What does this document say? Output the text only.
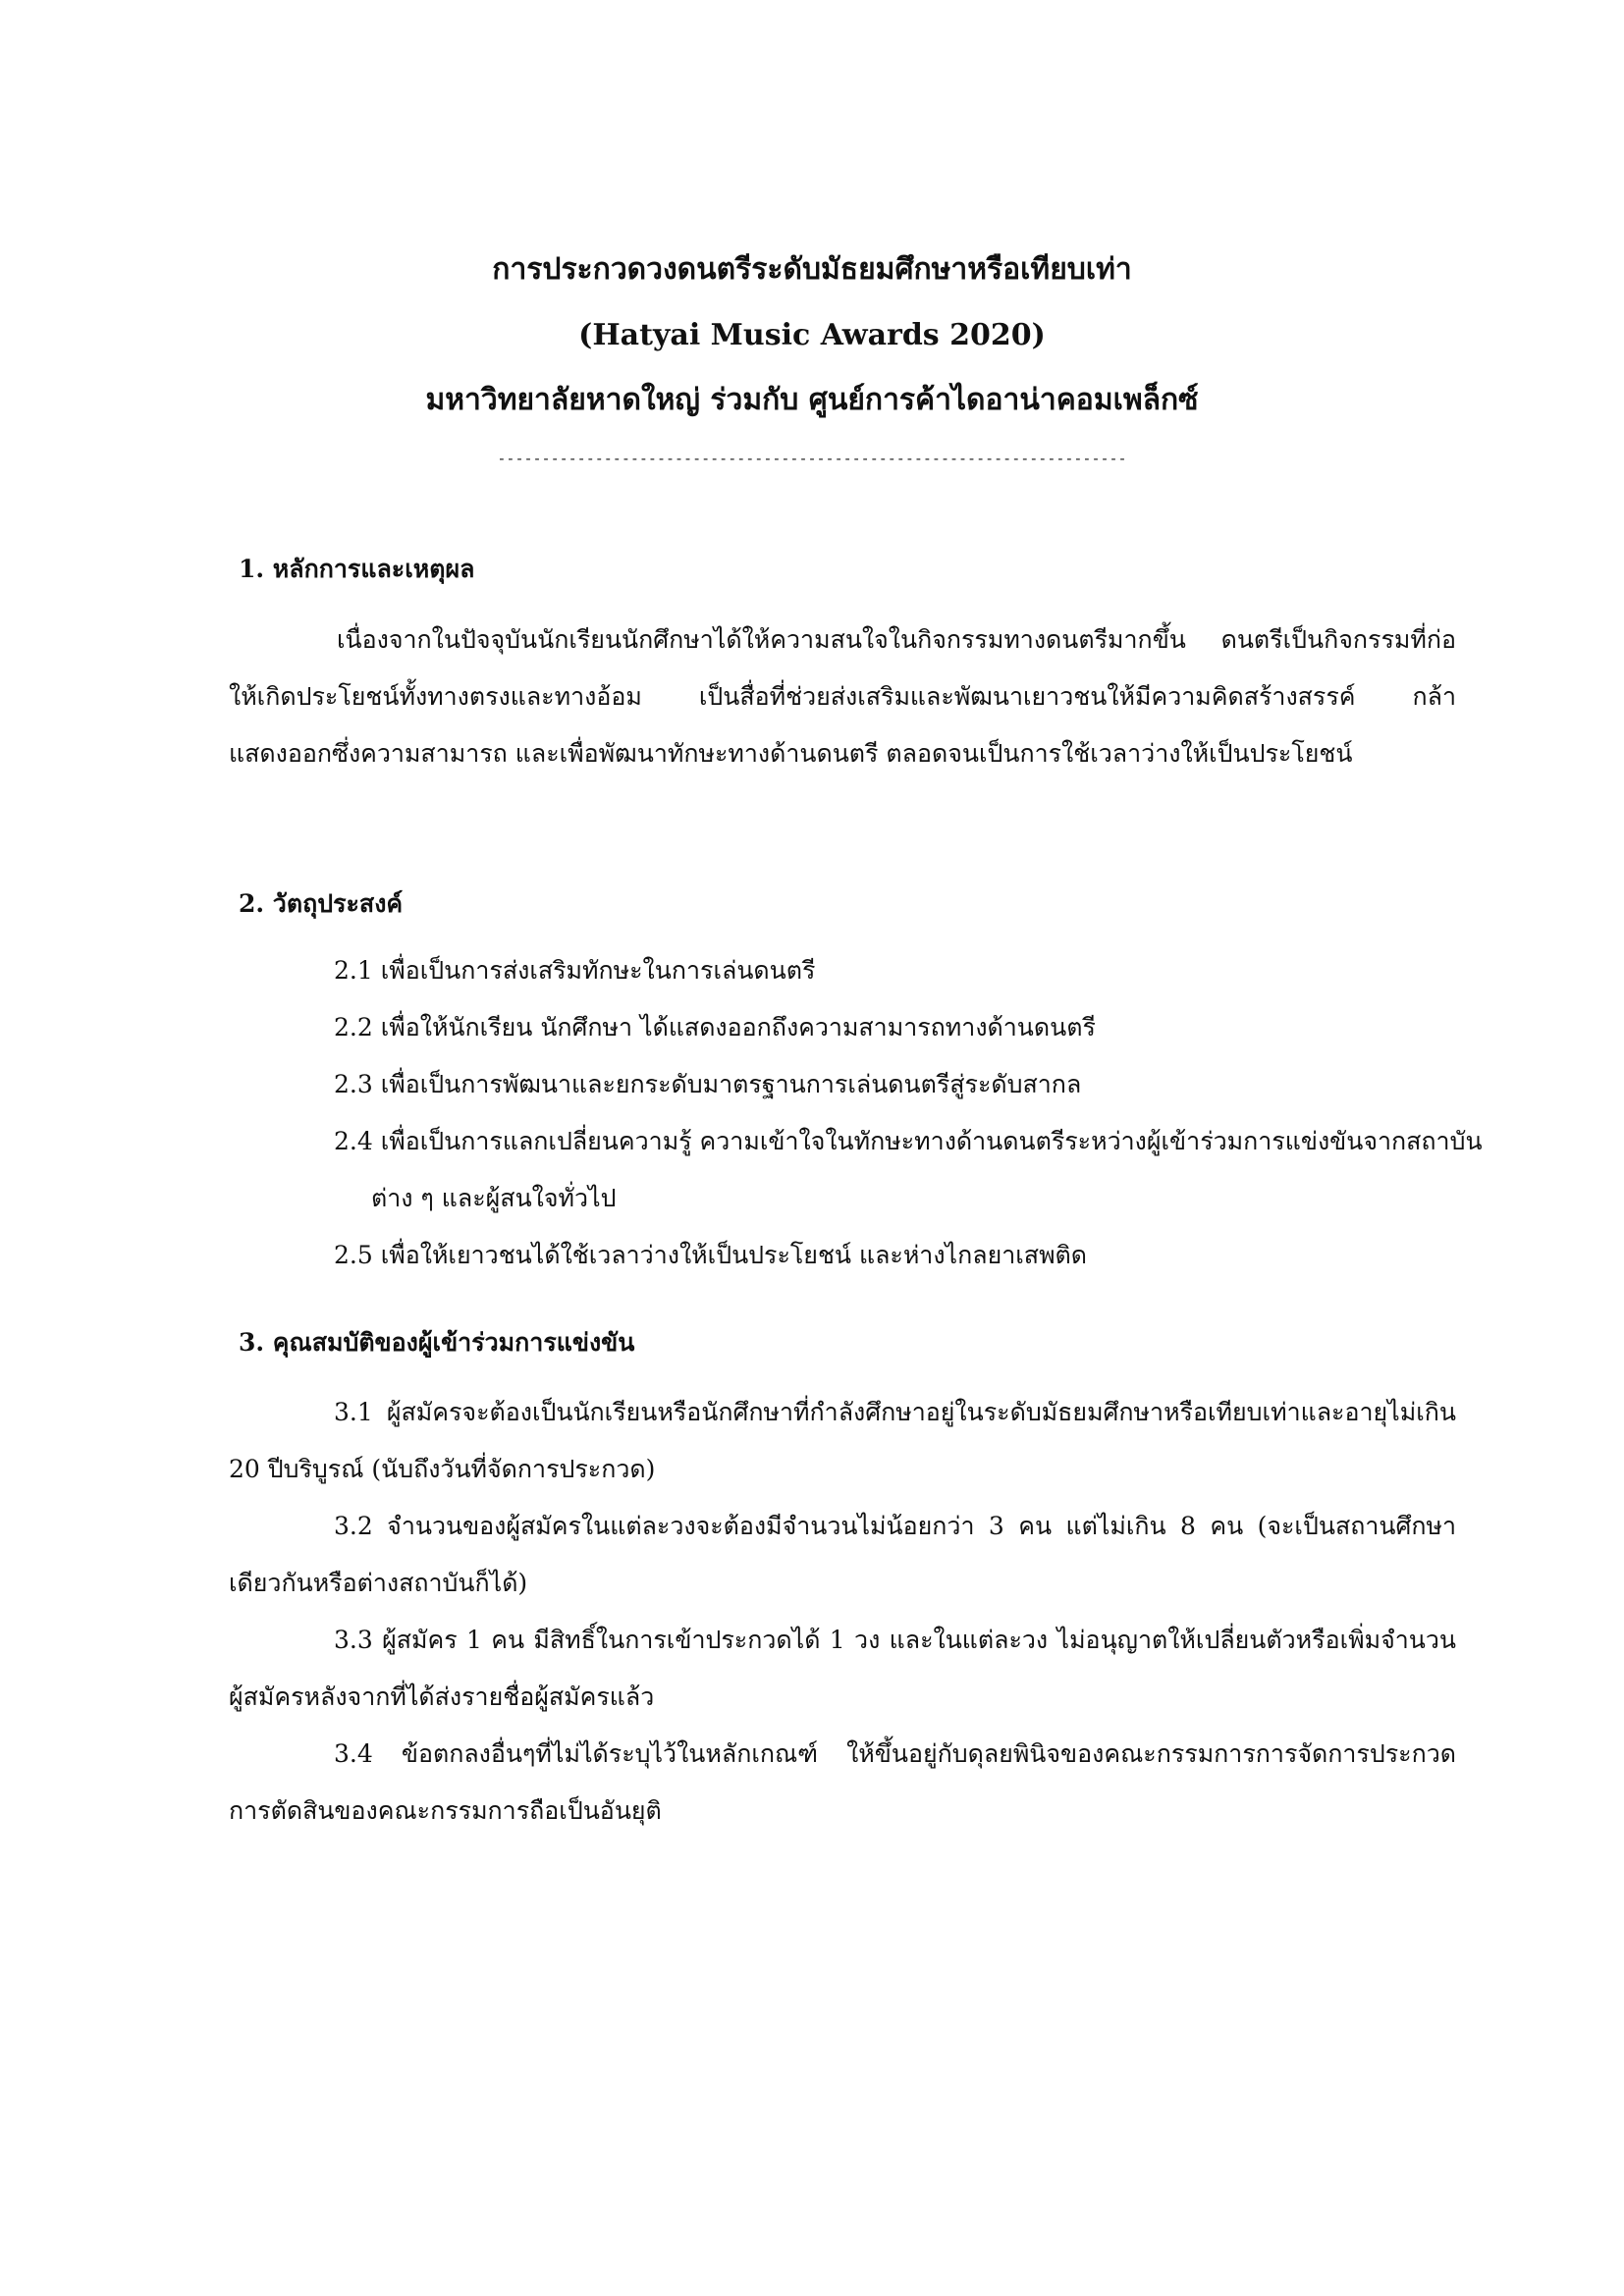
การประกวดวงดนตรีระดับมัธยมศึกษาหรือเทียบเท่า
(Hatyai Music Awards 2020)
มหาวิทยาลัยหาดใหญ่ ร่วมกับ ศูนย์การค้าไดอาน่าคอมเพล็กซ์
-----------------------------------------------------------------------
1. หลักการและเหตุผล
เนื่องจากในปัจจุบันนักเรียนนักศึกษาได้ให้ความสนใจในกิจกรรมทางดนตรีมากขึ้น ดนตรีเป็นกิจกรรมที่ก่อให้เกิดประโยชน์ทั้งทางตรงและทางอ้อม เป็นสื่อที่ช่วยส่งเสริมและพัฒนาเยาวชนให้มีความคิดสร้างสรรค์ กล้าแสดงออกซึ่งความสามารถ และเพื่อพัฒนาทักษะทางด้านดนตรี ตลอดจนเป็นการใช้เวลาว่างให้เป็นประโยชน์
2. วัตถุประสงค์
2.1 เพื่อเป็นการส่งเสริมทักษะในการเล่นดนตรี
2.2 เพื่อให้นักเรียน นักศึกษา ได้แสดงออกถึงความสามารถทางด้านดนตรี
2.3 เพื่อเป็นการพัฒนาและยกระดับมาตรฐานการเล่นดนตรีสู่ระดับสากล
2.4 เพื่อเป็นการแลกเปลี่ยนความรู้ ความเข้าใจในทักษะทางด้านดนตรีระหว่างผู้เข้าร่วมการแข่งขันจากสถาบันต่าง ๆ และผู้สนใจทั่วไป
2.5 เพื่อให้เยาวชนได้ใช้เวลาว่างให้เป็นประโยชน์ และห่างไกลยาเสพติด
3. คุณสมบัติของผู้เข้าร่วมการแข่งขัน
3.1 ผู้สมัครจะต้องเป็นนักเรียนหรือนักศึกษาที่กำลังศึกษาอยู่ในระดับมัธยมศึกษาหรือเทียบเท่าและอายุไม่เกิน 20 ปีบริบูรณ์ (นับถึงวันที่จัดการประกวด)
3.2 จำนวนของผู้สมัครในแต่ละวงจะต้องมีจำนวนไม่น้อยกว่า 3 คน แต่ไม่เกิน 8 คน (จะเป็นสถานศึกษาเดียวกันหรือต่างสถาบันก็ได้)
3.3 ผู้สมัคร 1 คน มีสิทธิ์ในการเข้าประกวดได้ 1 วง และในแต่ละวง ไม่อนุญาตให้เปลี่ยนตัวหรือเพิ่มจำนวนผู้สมัครหลังจากที่ได้ส่งรายชื่อผู้สมัครแล้ว
3.4 ข้อตกลงอื่นๆที่ไม่ได้ระบุไว้ในหลักเกณฑ์ ให้ขึ้นอยู่กับดุลยพินิจของคณะกรรมการการจัดการประกวด การตัดสินของคณะกรรมการถือเป็นอันยุติ
